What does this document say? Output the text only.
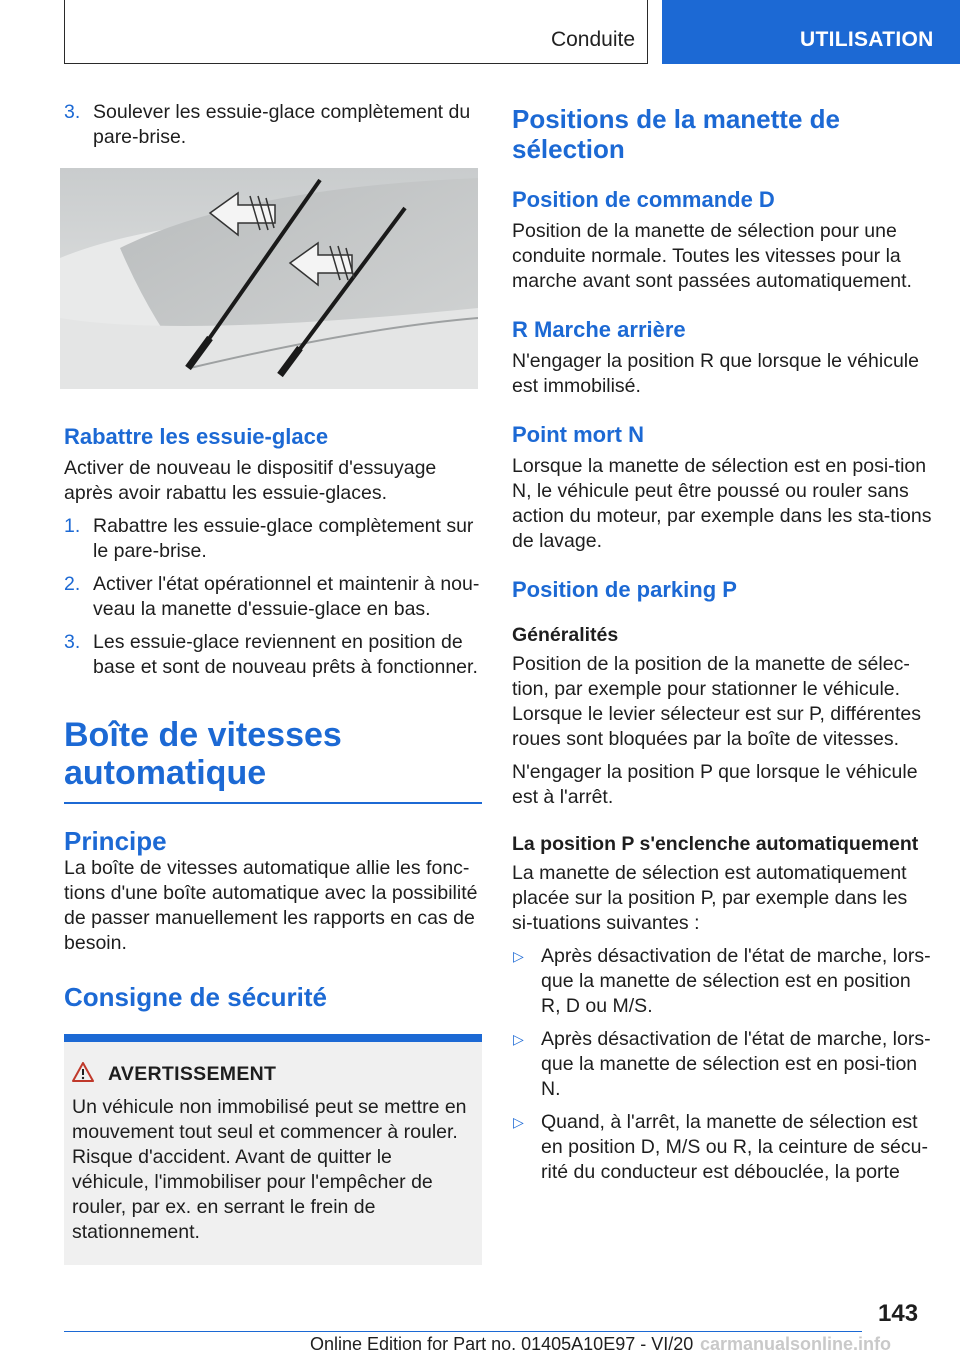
Conduite	UTILISATION
3. Soulever les essuie-glace complètement du pare-brise.
Rabattre les essuie-glace

Activer de nouveau le dispositif d'essuyage après avoir rabattu les essuie-glaces.

1. Rabattre les essuie-glace complètement sur le pare-brise.
2. Activer l'état opérationnel et maintenir à nou-veau la manette d'essuie-glace en bas.
3. Les essuie-glace reviennent en position de base et sont de nouveau prêts à fonctionner.
Boîte de vitesses
automatique
Principe

La boîte de vitesses automatique allie les fonc-tions d'une boîte automatique avec la possibilité de passer manuellement les rapports en cas de besoin.

Consigne de sécurité
AVERTISSEMENT

Un véhicule non immobilisé peut se mettre en mouvement tout seul et commencer à rouler. Risque d'accident. Avant de quitter le véhicule, l'immobiliser pour l'empêcher de rouler, par ex. en serrant le frein de stationnement.

Positions de la manette de
sélection
Position de commande D

Position de la manette de sélection pour une conduite normale. Toutes les vitesses pour la marche avant sont passées automatiquement.

R Marche arrière

N'engager la position R que lorsque le véhicule est immobilisé.

Point mort N

Lorsque la manette de sélection est en posi-tion N, le véhicule peut être poussé ou rouler sans action du moteur, par exemple dans les sta-tions de lavage.

Position de parking P
Généralités

Position de la position de la manette de sélec-tion, par exemple pour stationner le véhicule. Lorsque le levier sélecteur est sur P, différentes roues sont bloquées par la boîte de vitesses.

N'engager la position P que lorsque le véhicule est à l'arrêt.

La position P s'enclenche automatiquement

La manette de sélection est automatiquement placée sur la position P, par exemple dans les si-tuations suivantes :

▷ Après désactivation de l'état de marche, lors-que la manette de sélection est en position R, D ou M/S.
▷ Après désactivation de l'état de marche, lors-que la manette de sélection est en posi-tion N.
▷ Quand, à l'arrêt, la manette de sélection est en position D, M/S ou R, la ceinture de sécu-rité du conducteur est débouclée, la porte
143
Online Edition for Part no. 01405A10E97 - VI/20 carmanualsonline.info
